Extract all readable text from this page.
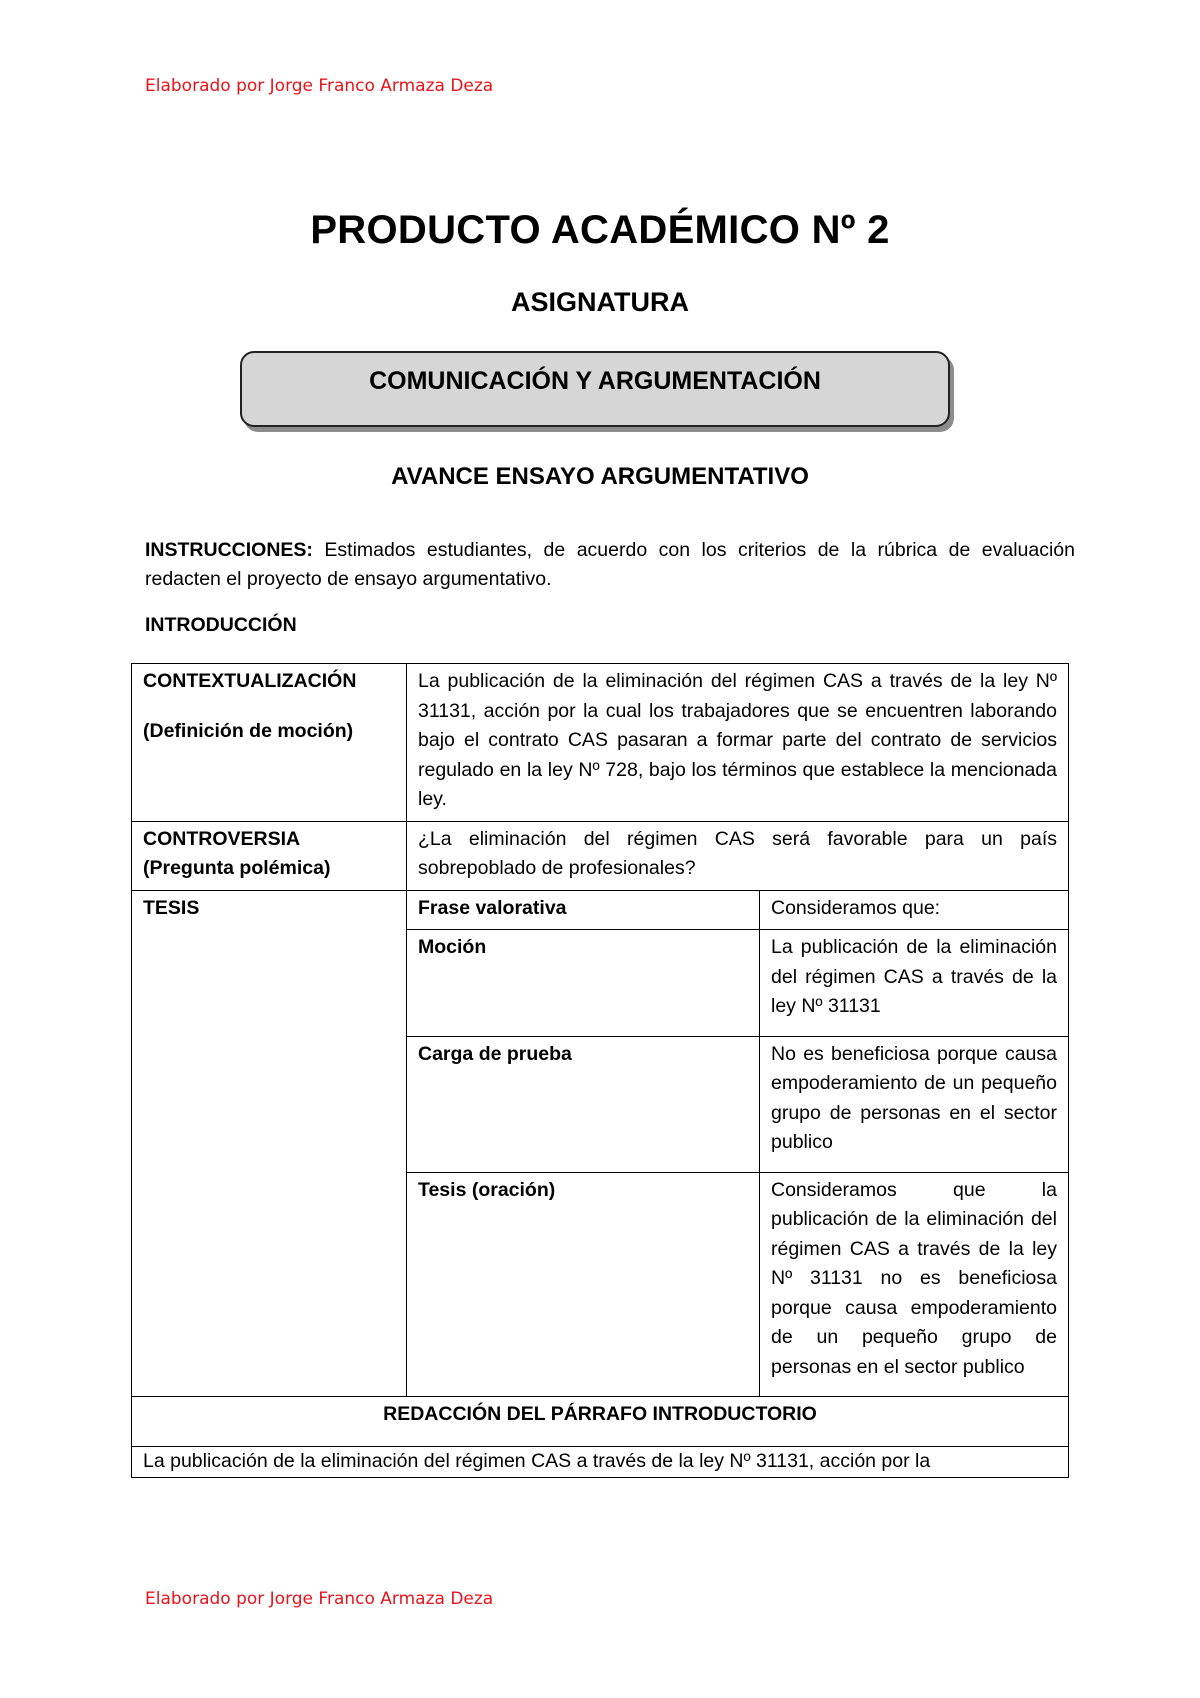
Elaborado por Jorge Franco Armaza Deza
PRODUCTO ACADÉMICO Nº 2
ASIGNATURA
COMUNICACIÓN Y ARGUMENTACIÓN
AVANCE ENSAYO ARGUMENTATIVO
INSTRUCCIONES: Estimados estudiantes, de acuerdo con los criterios de la rúbrica de evaluación redacten el proyecto de ensayo argumentativo.
INTRODUCCIÓN
CONTEXTUALIZACIÓN
(Definición de moción)	La publicación de la eliminación del régimen CAS a través de la ley Nº 31131, acción por la cual los trabajadores que se encuentren laborando bajo el contrato CAS pasaran a formar parte del contrato de servicios regulado en la ley Nº 728, bajo los términos que establece la mencionada ley.	

CONTROVERSIA
(Pregunta polémica)	¿La eliminación del régimen CAS será favorable para un país sobrepoblado de profesionales?	
TESIS	Frase valorativa	Consideramos que:
	Moción	La publicación de la eliminación del régimen CAS a través de la ley Nº 31131
	Carga de prueba	No es beneficiosa porque causa empoderamiento de un pequeño grupo de personas en el sector publico
	Tesis (oración)	Consideramos que la publicación de la eliminación del régimen CAS a través de la ley Nº 31131 no es beneficiosa porque causa empoderamiento de un pequeño grupo de personas en el sector publico
REDACCIÓN DEL PÁRRAFO INTRODUCTORIO		
La publicación de la eliminación del régimen CAS a través de la ley Nº 31131, acción por la		
Elaborado por Jorge Franco Armaza Deza
